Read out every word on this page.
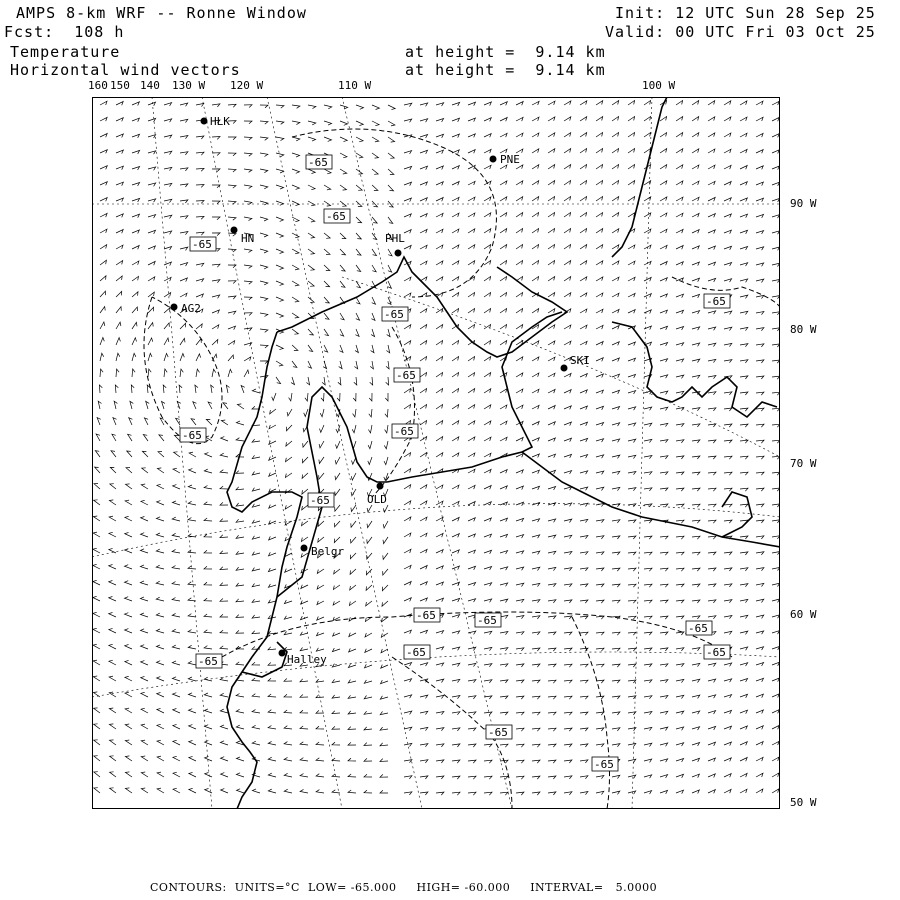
AMPS 8-km WRF -- Ronne Window
Fcst:  108 h
Init: 12 UTC Sun 28 Sep 25
Valid: 00 UTC Fri 03 Oct 25
Temperature
Horizontal wind vectors
at height =  9.14 km
at height =  9.14 km
160 150 140 130 W 120 W	110 W	100 W
90 W
80 W
70 W
60 W
50 W
-65
-65
-65
-65
-65
-65
-65	-65
-65
-65	-65
-65
-65	-65
-65
-65
-65
HLK
PNE
HN	PHL
AG2
SKI
OLD
Belgr
Halley
CONTOURS:  UNITS=°C  LOW= -65.000     HIGH= -60.000     INTERVAL=   5.0000
